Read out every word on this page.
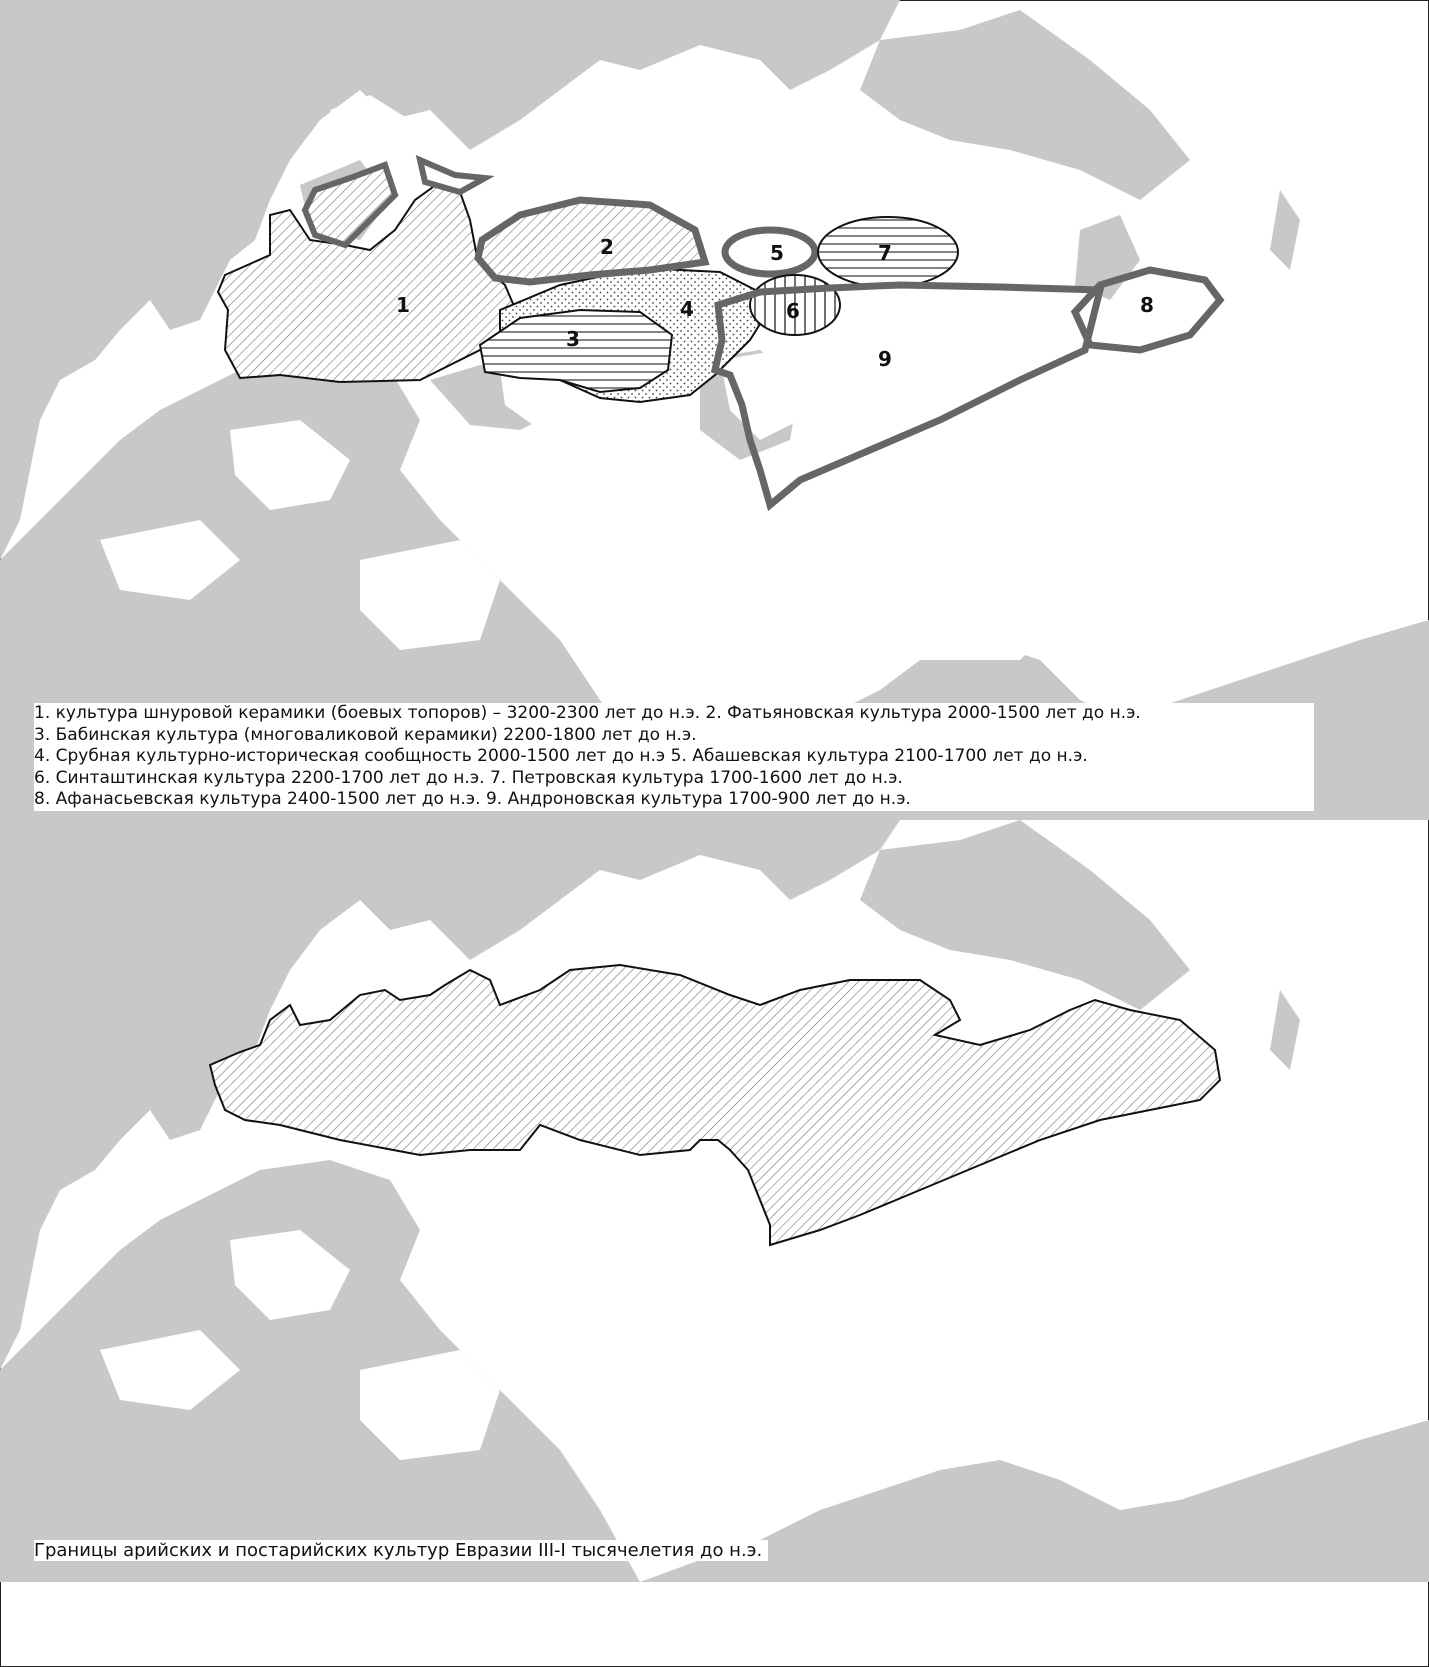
1
2
3
4
5
6
7
8
9
1. культура шнуровой керамики (боевых топоров) – 3200-2300 лет до н.э. 2. Фатьяновская культура 2000-1500 лет до н.э.
3. Бабинская культура (многоваликовой керамики) 2200-1800 лет до н.э.
4. Срубная культурно-историческая сообщность 2000-1500 лет до н.э 5. Абашевская культура 2100-1700 лет до н.э.
6. Синташтинская культура 2200-1700 лет до н.э. 7. Петровская культура 1700-1600 лет до н.э.
8. Афанасьевская культура 2400-1500 лет до н.э. 9. Андроновская культура 1700-900 лет до н.э.
Границы арийских и постарийских культур Евразии III-I тысячелетия до н.э.
